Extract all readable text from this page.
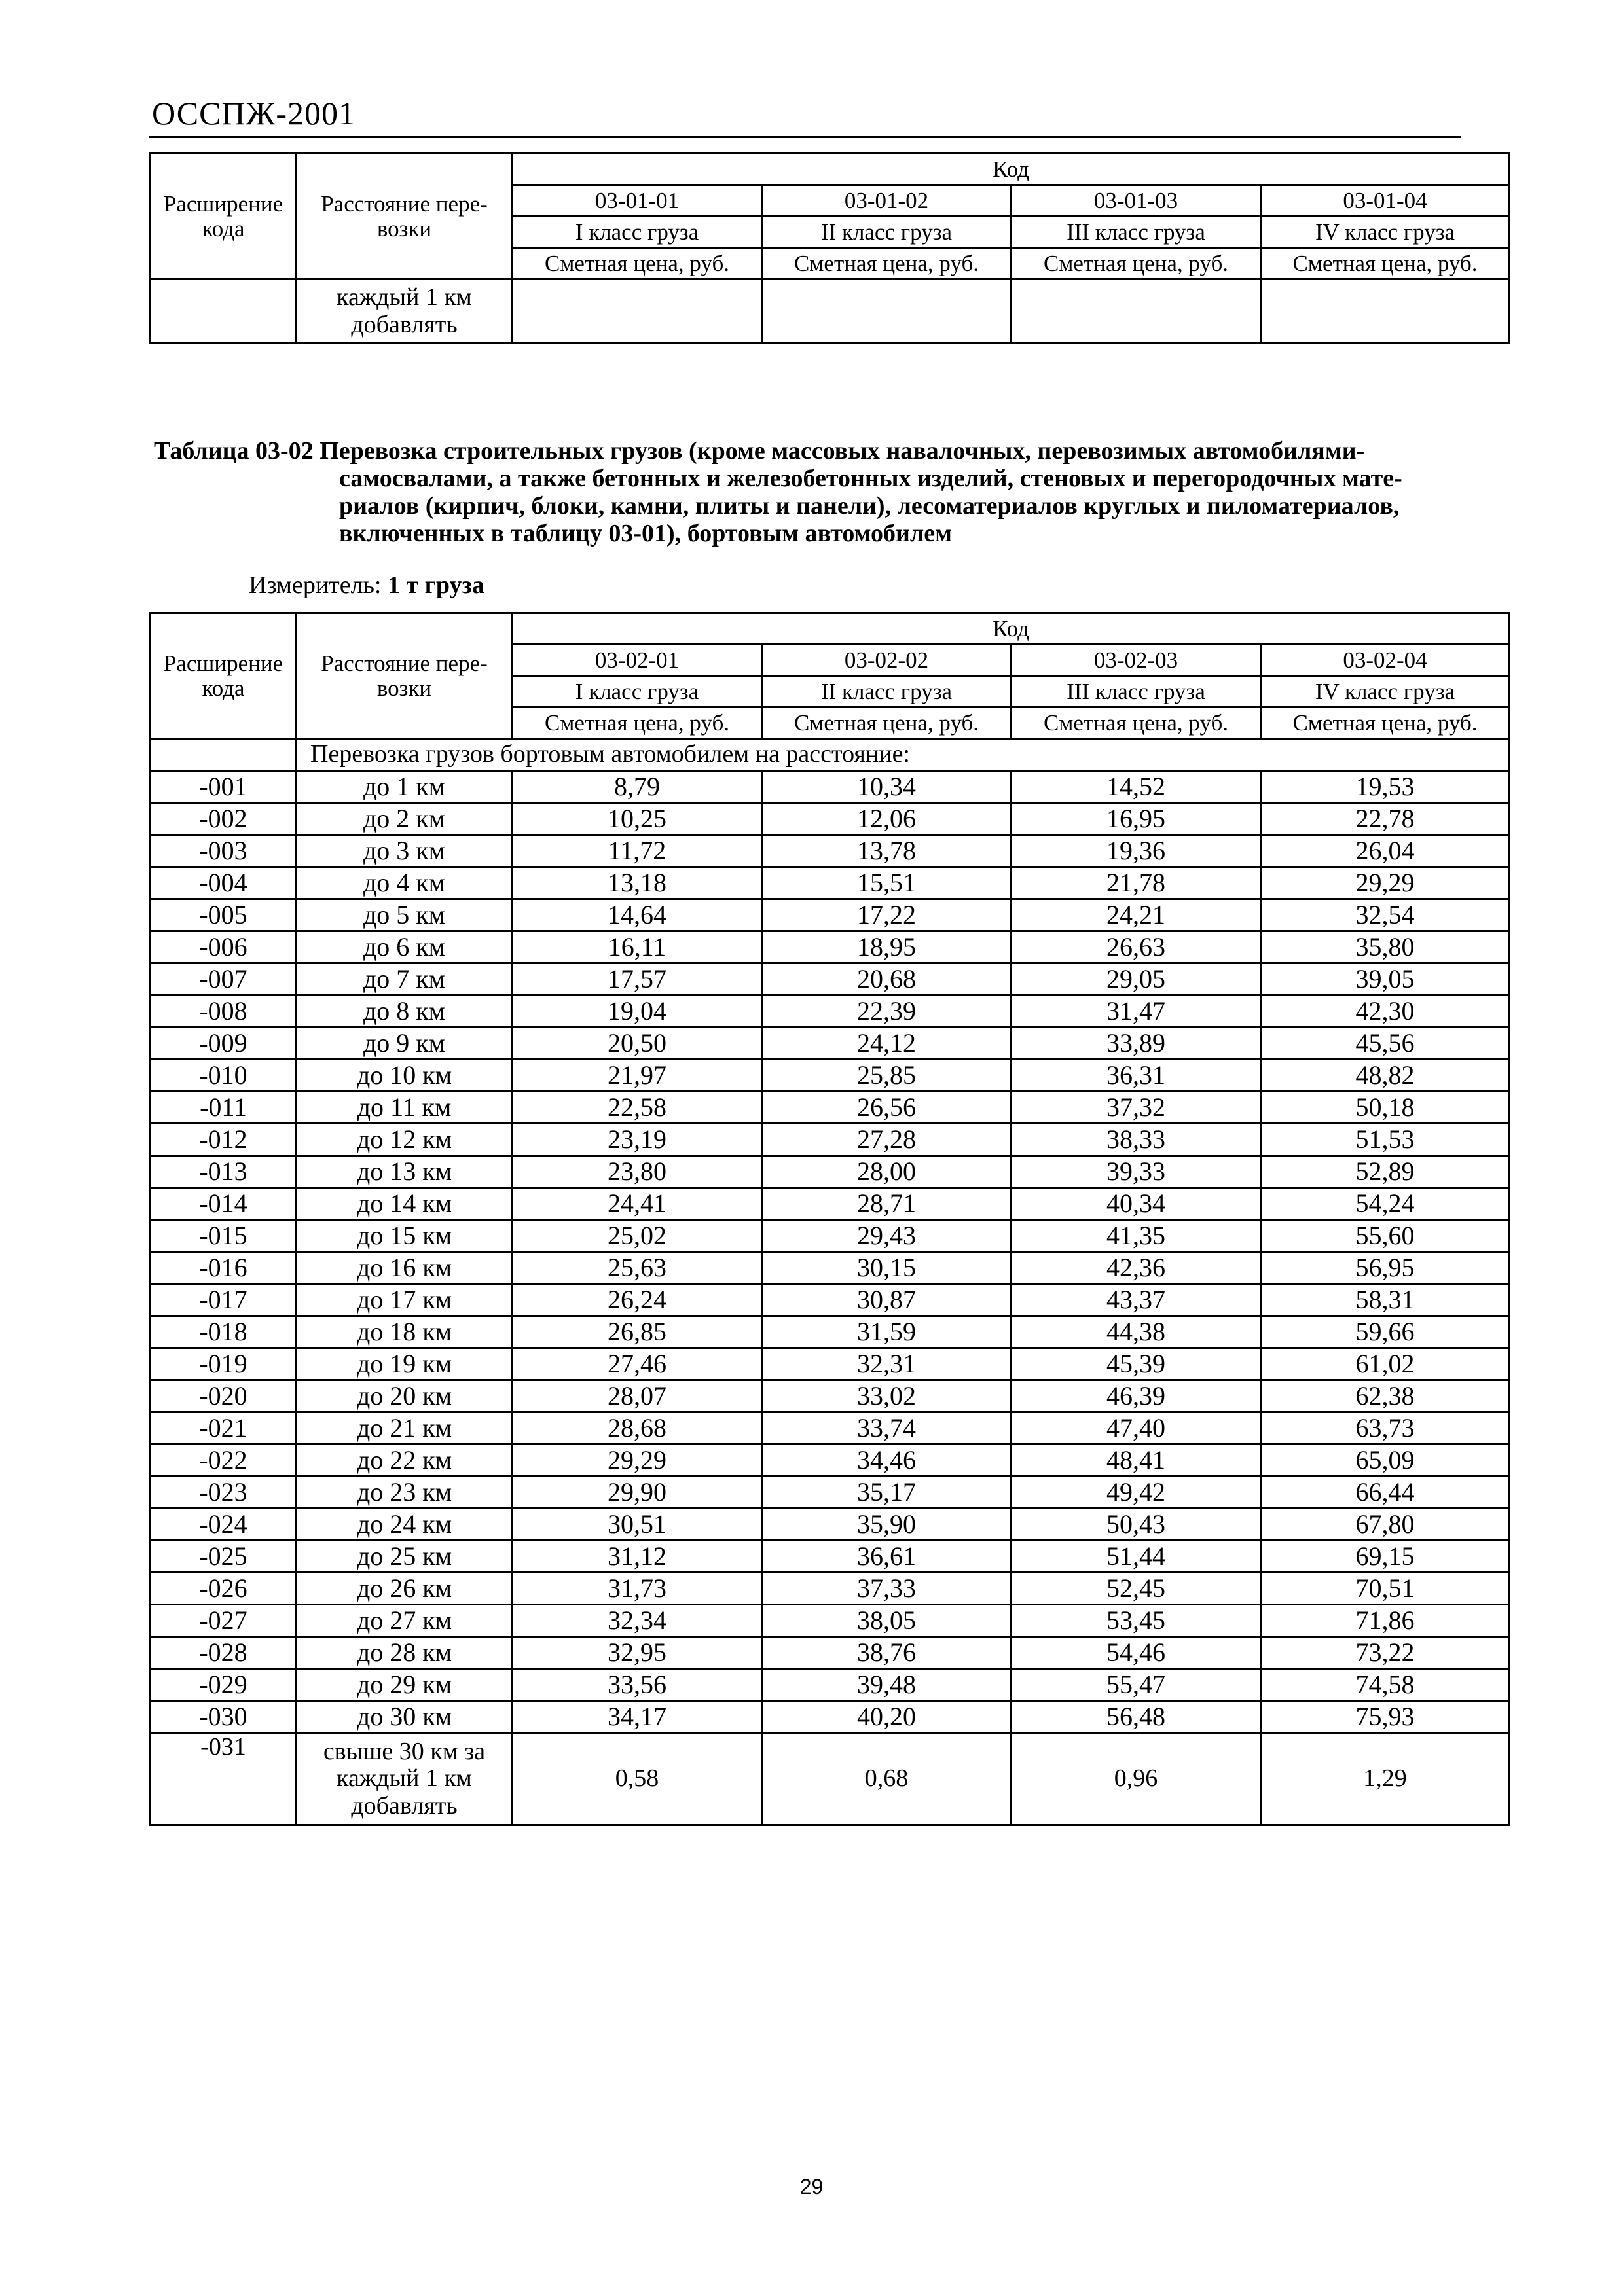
ОССПЖ-2001
Расширение кода	Расстояние пере-возки	Код			
		03-01-01	03-01-02	03-01-03	03-01-04
		I класс груза	II класс груза	III класс груза	IV класс груза
		Сметная цена, руб.	Сметная цена, руб.	Сметная цена, руб.	Сметная цена, руб.
	каждый 1 км добавлять				
Таблица 03-02 Перевозка строительных грузов (кроме массовых навалочных, перевозимых автомобилями-
самосвалами, а также бетонных и железобетонных изделий, стеновых и перегородочных мате-
риалов (кирпич, блоки, камни, плиты и панели), лесоматериалов круглых и пиломатериалов,
включенных в таблицу 03-01), бортовым автомобилем
Измеритель: 1 т груза
Расширение кода	Расстояние пере-возки	Код			
		03-02-01	03-02-02	03-02-03	03-02-04
		I класс груза	II класс груза	III класс груза	IV класс груза
		Сметная цена, руб.	Сметная цена, руб.	Сметная цена, руб.	Сметная цена, руб.
	Перевозка грузов бортовым автомобилем на расстояние:				
-001	до 1 км	8,79	10,34	14,52	19,53
-002	до 2 км	10,25	12,06	16,95	22,78
-003	до 3 км	11,72	13,78	19,36	26,04
-004	до 4 км	13,18	15,51	21,78	29,29
-005	до 5 км	14,64	17,22	24,21	32,54
-006	до 6 км	16,11	18,95	26,63	35,80
-007	до 7 км	17,57	20,68	29,05	39,05
-008	до 8 км	19,04	22,39	31,47	42,30
-009	до 9 км	20,50	24,12	33,89	45,56
-010	до 10 км	21,97	25,85	36,31	48,82
-011	до 11 км	22,58	26,56	37,32	50,18
-012	до 12 км	23,19	27,28	38,33	51,53
-013	до 13 км	23,80	28,00	39,33	52,89
-014	до 14 км	24,41	28,71	40,34	54,24
-015	до 15 км	25,02	29,43	41,35	55,60
-016	до 16 км	25,63	30,15	42,36	56,95
-017	до 17 км	26,24	30,87	43,37	58,31
-018	до 18 км	26,85	31,59	44,38	59,66
-019	до 19 км	27,46	32,31	45,39	61,02
-020	до 20 км	28,07	33,02	46,39	62,38
-021	до 21 км	28,68	33,74	47,40	63,73
-022	до 22 км	29,29	34,46	48,41	65,09
-023	до 23 км	29,90	35,17	49,42	66,44
-024	до 24 км	30,51	35,90	50,43	67,80
-025	до 25 км	31,12	36,61	51,44	69,15
-026	до 26 км	31,73	37,33	52,45	70,51
-027	до 27 км	32,34	38,05	53,45	71,86
-028	до 28 км	32,95	38,76	54,46	73,22
-029	до 29 км	33,56	39,48	55,47	74,58
-030	до 30 км	34,17	40,20	56,48	75,93
-031	свыше 30 км за каждый 1 км добавлять	0,58	0,68	0,96	1,29
29
